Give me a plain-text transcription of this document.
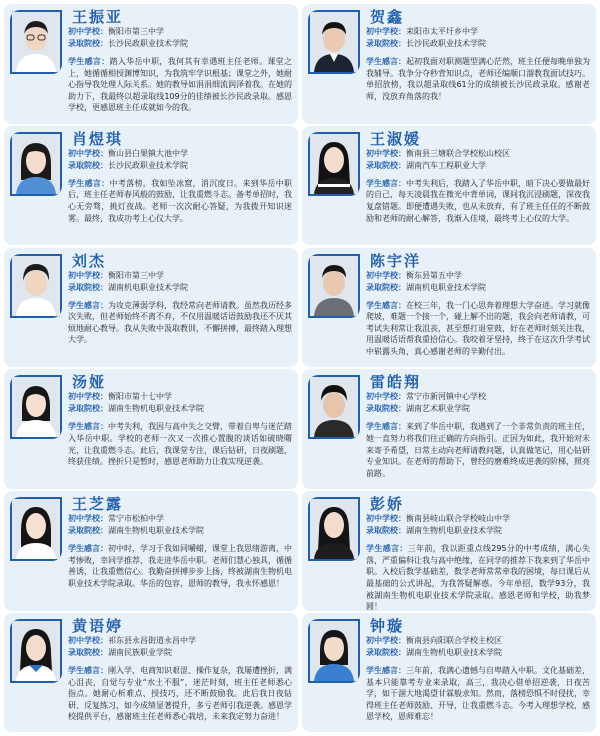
王振亚
初中学校：衡阳市第三中学
录取院校：长沙民政职业技术学院
学生感言：踏入华岳中职，我何其有幸遇班主任老师。课堂之上，她循循相授渊博知识，为我筑牢学识根基；课堂之外，她耐心指导我处理人际关系。她的教导如涓涓细流润泽着我。在她的助力下，我最终以超录取线109分的佳绩被长沙民政录取。感恩学校，更感恩班主任成就如今的我。
贺鑫
初中学校：耒阳市太平圩乡中学
录取院校：长沙民政职业技术学院
学生感言：起初我面对职测题型满心茫然，班主任便每晚单独为我辅导。我争分夺秒背知识点，老师还编顺口溜教我面试技巧。单招放榜，我以超录取线61分的成绩被长沙民政录取。感谢老师，没放弃角落的我！
肖煜琪
初中学校：衡山县白果镇大池中学
录取院校：长沙民政职业技术学院
学生感言：中考落榜，我如坠冰窟，消沉度日。来到华岳中职后，班主任老师春风般的鼓励，让我重燃斗志。备考单招时，我心无旁骛，挑灯夜战。老师一次次耐心答疑，为我拨开知识迷雾。最终，我成功考上心仪大学。
王淑媛
初中学校：衡南县三塘联合学校松山校区
录取院校：湖南汽车工程职业大学
学生感言：中考失利后，我踏入了华岳中职，暗下决心要做最好的自己，每天凌晨我在微光中背单词，课间我沉浸刷题，深夜我复盘错题。即便遭遇失败，也从未放弃，有了班主任任的不断鼓励和老师的耐心解答，我渐入佳境，最终考上心仪的大学。
刘杰
初中学校：衡阳市第三中学
录取院校：湖南机电职业技术学院
学生感言：为攻克薄弱学科，我经常向老师请教。虽然我历经多次失败，但老师始终不离不弃，不仅用温暖话语鼓励我还不厌其烦地耐心教导。我从失败中汲取教训，不懈拼搏，最终踏入理想大学。
陈宇洋
初中学校：衡东县第五中学
录取院校：湖南机电职业技术学院
学生感言：在校三年，我一门心思奔着理想大学奋进。学习就像爬坡，难题一个接一个，碰上解不出的题，我会向老师请教，可考试失利常让我沮丧，甚至想打退堂鼓，好在老师时刻关注我，用温暖话语帮我重拾信心。我咬着牙坚持，终于在这次升学考试中崭露头角，真心感谢老师的辛勤付出。
汤娅
初中学校：衡阳市第十七中学
录取院校：湖南生物机电职业技术学院
学生感言：中考失利，我因与高中失之交臂，带着自卑与迷茫踏入华岳中职。学校的老师一次又一次推心置腹的谈话如破晓曙光，让我重燃斗志。此后，我课堂专注，课后钻研，日夜刷题，终获佳绩。挫折只是暂时，感恩老师助力让我实现逆袭。
雷皓翔
初中学校：常宁市新河镇中心学校
录取院校：湖南艺术职业学院
学生感言：来到了华岳中职，我遇到了一个非常负责的班主任，她一直努力将我们往正确的方向指引。正因为如此，我开始对未来寄予希望，日常主动向老师请教问题，认真做笔记，用心钻研专业知识。在老师的帮助下，曾经的磨难终成逆袭的阶梯，照亮前路。
王芝露
初中学校：常宁市松柏中学
录取院校：湖南生物机电职业技术学院
学生感言：初中时，学习于我如同嚼蜡，课堂上我思绪游离，中考惨败，幸同学推荐，我走进华岳中职。老师们慧心独具，循循善诱，让我重燃信心。我勤奋拼搏步步上扬，终被湖南生物机电职业技术学院录取。华岳的包容，恩师的教导，我永怀感恩！
彭娇
初中学校：衡南县岐山联合学校岐山中学
录取院校：湖南生物机电职业技术学院
学生感言：三年前，我以距重点线295分的中考成绩，满心失落，严重偏科让我与高中绝缘，在同学的推荐下我来到了华岳中职。入校后数学基础差，数学老师常常牵我的困境，每日课后从最基础的公式讲起，为我答疑解惑。今年单招，数学93分，我被湖南生物机电职业技术学院录取。感恩老师和学校，助我梦圆！
黄语婷
初中学校：祁东县永昌街道永昌中学
录取院校：湖南民族职业学院
学生感言：刚入学，电商知识艰涩、操作复杂，我屡遭挫折，满心沮丧，自觉与专业“水土不服”，迷茫时刻，班主任老师悉心指点。她耐心析难点、授技巧，还不断鼓励我。此后我日夜钻研、反复练习，如今成绩显著提升，多亏老师引我逆袭。感恩学校提供平台，感谢班主任老师悉心栽培，未来我定努力奋进！
钟璇
初中学校：衡南县向阳联合学校主校区
录取院校：湖南生物机电职业技术学院
学生感言：三年前，我满心遗憾与自卑踏入中职。文化基础差，基本只能靠考专业来录取，高三，我决心借单招逆袭，日夜苦学，如干涸大地渴望甘霖般求知。然而，落榜恐惧不时侵扰，幸得班主任老师鼓励、开导，让我重燃斗志。今考入理想学校，感恩学校，恩师难忘！
